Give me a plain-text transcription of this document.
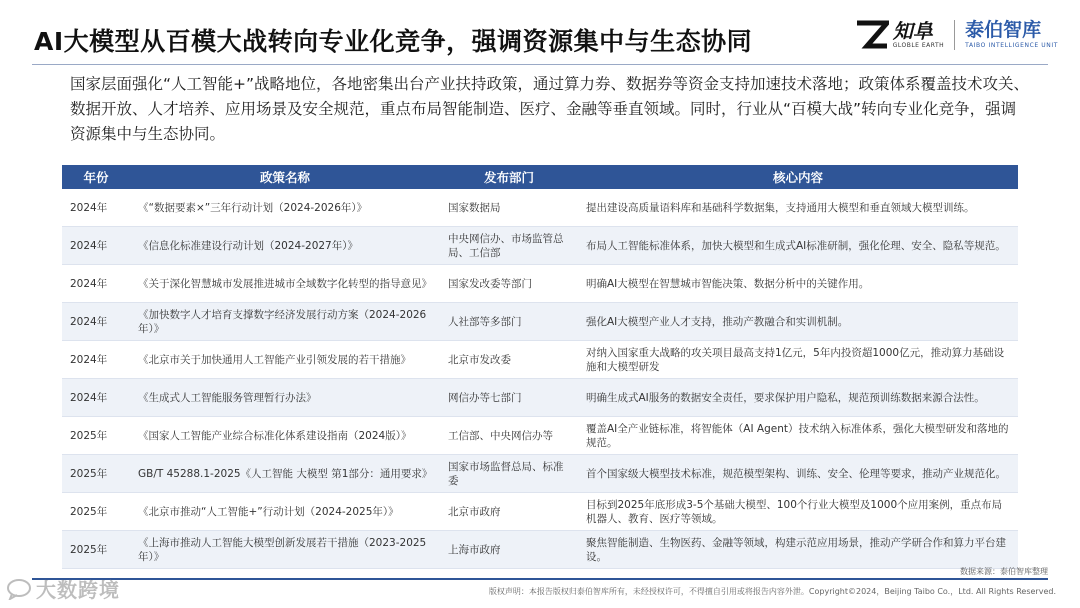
AI大模型从百模大战转向专业化竞争，强调资源集中与生态协同	知阜
GLOBLE EARTH
泰伯智库
TAIBO INTELLIGENCE UNIT
国家层面强化“人工智能+”战略地位，各地密集出台产业扶持政策，通过算力券、数据券等资金支持加速技术落地；政策体系覆盖技术攻关、数据开放、人才培养、应用场景及安全规范，重点布局智能制造、医疗、金融等垂直领域。同时，行业从“百模大战”转向专业化竞争，强调资源集中与生态协同。
年份	政策名称	发布部门	核心内容
2024年	《“数据要素×”三年行动计划（2024-2026年）》	国家数据局	提出建设高质量语料库和基础科学数据集，支持通用大模型和垂直领域大模型训练。
2024年	《信息化标准建设行动计划（2024-2027年）》	中央网信办、市场监管总局、工信部	布局人工智能标准体系，加快大模型和生成式AI标准研制，强化伦理、安全、隐私等规范。
2024年	《关于深化智慧城市发展推进城市全域数字化转型的指导意见》	国家发改委等部门	明确AI大模型在智慧城市智能决策、数据分析中的关键作用。
2024年	《加快数字人才培育支撑数字经济发展行动方案（2024-2026年）》	人社部等多部门	强化AI大模型产业人才支持，推动产教融合和实训机制。
2024年	《北京市关于加快通用人工智能产业引领发展的若干措施》	北京市发改委	对纳入国家重大战略的攻关项目最高支持1亿元，5年内投资超1000亿元，推动算力基础设施和大模型研发
2024年	《生成式人工智能服务管理暂行办法》	网信办等七部门	明确生成式AI服务的数据安全责任，要求保护用户隐私，规范预训练数据来源合法性。
2025年	《国家人工智能产业综合标准化体系建设指南（2024版）》	工信部、中央网信办等	覆盖AI全产业链标准，将智能体（AI Agent）技术纳入标准体系，强化大模型研发和落地的规范。
2025年	GB/T 45288.1-2025《人工智能 大模型 第1部分：通用要求》	国家市场监督总局、标准委	首个国家级大模型技术标准，规范模型架构、训练、安全、伦理等要求，推动产业规范化。
2025年	《北京市推动“人工智能+”行动计划（2024-2025年）》	北京市政府	目标到2025年底形成3-5个基础大模型、100个行业大模型及1000个应用案例，重点布局机器人、教育、医疗等领域。
2025年	《上海市推动人工智能大模型创新发展若干措施（2023-2025年）》	上海市政府	聚焦智能制造、生物医药、金融等领域，构建示范应用场景，推动产学研合作和算力平台建设。
数据来源：泰伯智库整理
版权声明：本报告版权归泰伯智库所有，未经授权许可，不得擅自引用或将报告内容外泄。Copyright©2024，Beijing Taibo Co.，Ltd. All Rights Reserved.
大数跨境
